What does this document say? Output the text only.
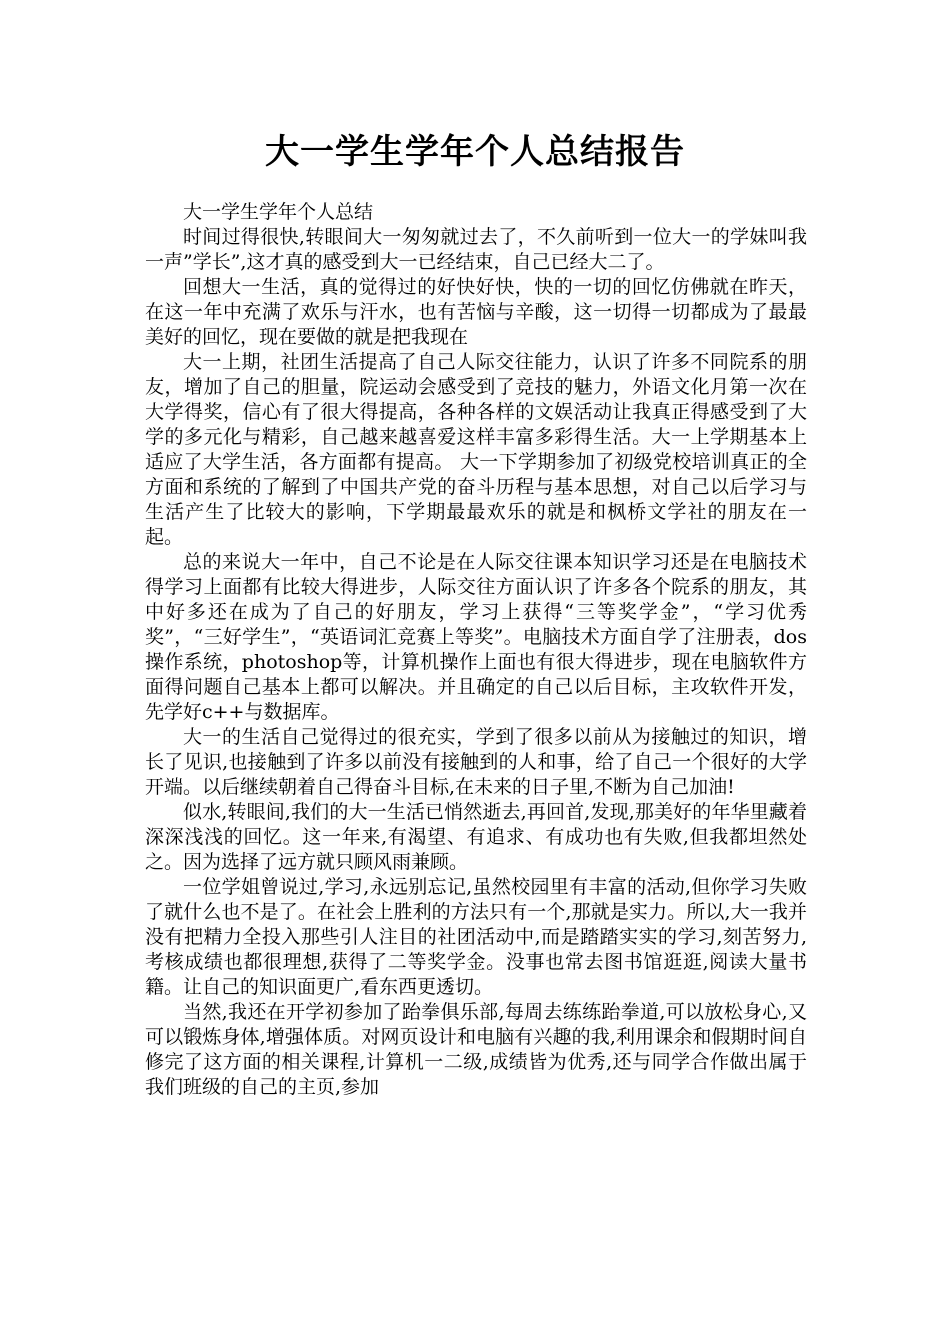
大一学生学年个人总结报告

大一学生学年个人总结

时间过得很快,转眼间大一匆匆就过去了，不久前听到一位大一的学妹叫我一声”学长”,这才真的感受到大一已经结束，自己已经大二了。

回想大一生活，真的觉得过的好快好快，快的一切的回忆仿佛就在昨天，在这一年中充满了欢乐与汗水，也有苦恼与辛酸，这一切得一切都成为了最最美好的回忆，现在要做的就是把我现在

大一上期，社团生活提高了自己人际交往能力，认识了许多不同院系的朋友，增加了自己的胆量，院运动会感受到了竞技的魅力，外语文化月第一次在大学得奖，信心有了很大得提高，各种各样的文娱活动让我真正得感受到了大学的多元化与精彩，自己越来越喜爱这样丰富多彩得生活。大一上学期基本上适应了大学生活，各方面都有提高。 大一下学期参加了初级党校培训真正的全方面和系统的了解到了中国共产党的奋斗历程与基本思想，对自己以后学习与生活产生了比较大的影响，下学期最最欢乐的就是和枫桥文学社的朋友在一起。

总的来说大一年中，自己不论是在人际交往课本知识学习还是在电脑技术得学习上面都有比较大得进步，人际交往方面认识了许多各个院系的朋友，其中好多还在成为了自己的好朋友，学习上获得“三等奖学金”，“学习优秀奖”，“三好学生”，“英语词汇竞赛上等奖”。电脑技术方面自学了注册表，dos操作系统，photoshop等，计算机操作上面也有很大得进步，现在电脑软件方面得问题自己基本上都可以解决。并且确定的自己以后目标，主攻软件开发，先学好c++与数据库。

大一的生活自己觉得过的很充实，学到了很多以前从为接触过的知识，增长了见识,也接触到了许多以前没有接触到的人和事，给了自己一个很好的大学开端。以后继续朝着自己得奋斗目标,在未来的日子里,不断为自己加油!

似水,转眼间,我们的大一生活已悄然逝去,再回首,发现,那美好的年华里藏着深深浅浅的回忆。这一年来,有渴望、有追求、有成功也有失败,但我都坦然处之。因为选择了远方就只顾风雨兼顾。

一位学姐曾说过,学习,永远别忘记,虽然校园里有丰富的活动,但你学习失败了就什么也不是了。在社会上胜利的方法只有一个,那就是实力。所以,大一我并没有把精力全投入那些引人注目的社团活动中,而是踏踏实实的学习,刻苦努力,考核成绩也都很理想,获得了二等奖学金。没事也常去图书馆逛逛,阅读大量书籍。让自己的知识面更广,看东西更透切。

当然,我还在开学初参加了跆拳俱乐部,每周去练练跆拳道,可以放松身心,又可以锻炼身体,增强体质。对网页设计和电脑有兴趣的我,利用课余和假期时间自修完了这方面的相关课程,计算机一二级,成绩皆为优秀,还与同学合作做出属于我们班级的自己的主页,参加
